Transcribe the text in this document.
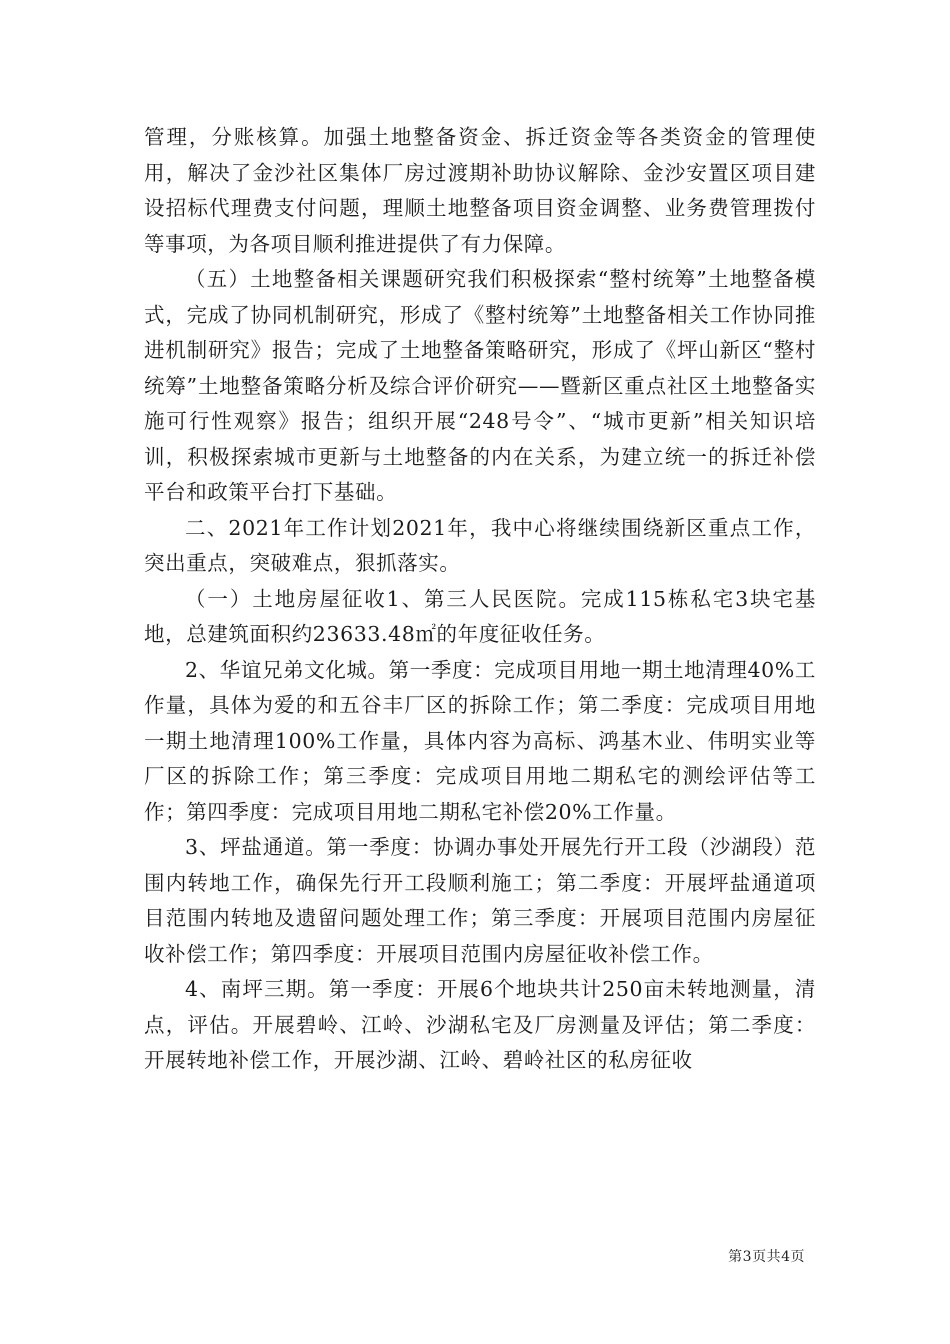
管理，分账核算。加强土地整备资金、拆迁资金等各类资金的管理使用，解决了金沙社区集体厂房过渡期补助协议解除、金沙安置区项目建设招标代理费支付问题，理顺土地整备项目资金调整、业务费管理拨付等事项，为各项目顺利推进提供了有力保障。

（五）土地整备相关课题研究我们积极探索“整村统筹”土地整备模式，完成了协同机制研究，形成了《整村统筹”土地整备相关工作协同推进机制研究》报告；完成了土地整备策略研究，形成了《坪山新区“整村统筹”土地整备策略分析及综合评价研究——暨新区重点社区土地整备实施可行性观察》报告；组织开展“248号令”、“城市更新”相关知识培训，积极探索城市更新与土地整备的内在关系，为建立统一的拆迁补偿平台和政策平台打下基础。

二、2021年工作计划2021年，我中心将继续围绕新区重点工作，突出重点，突破难点，狠抓落实。

（一）土地房屋征收1、第三人民医院。完成115栋私宅3块宅基地，总建筑面积约23633.48㎡的年度征收任务。

2、华谊兄弟文化城。第一季度：完成项目用地一期土地清理40%工作量，具体为爱的和五谷丰厂区的拆除工作；第二季度：完成项目用地一期土地清理100%工作量，具体内容为高标、鸿基木业、伟明实业等厂区的拆除工作；第三季度：完成项目用地二期私宅的测绘评估等工作；第四季度：完成项目用地二期私宅补偿20%工作量。

3、坪盐通道。第一季度：协调办事处开展先行开工段（沙湖段）范围内转地工作，确保先行开工段顺利施工；第二季度：开展坪盐通道项目范围内转地及遗留问题处理工作；第三季度：开展项目范围内房屋征收补偿工作；第四季度：开展项目范围内房屋征收补偿工作。

4、南坪三期。第一季度：开展6个地块共计250亩未转地测量，清点，评估。开展碧岭、江岭、沙湖私宅及厂房测量及评估；第二季度：开展转地补偿工作，开展沙湖、江岭、碧岭社区的私房征收

第3页共4页
